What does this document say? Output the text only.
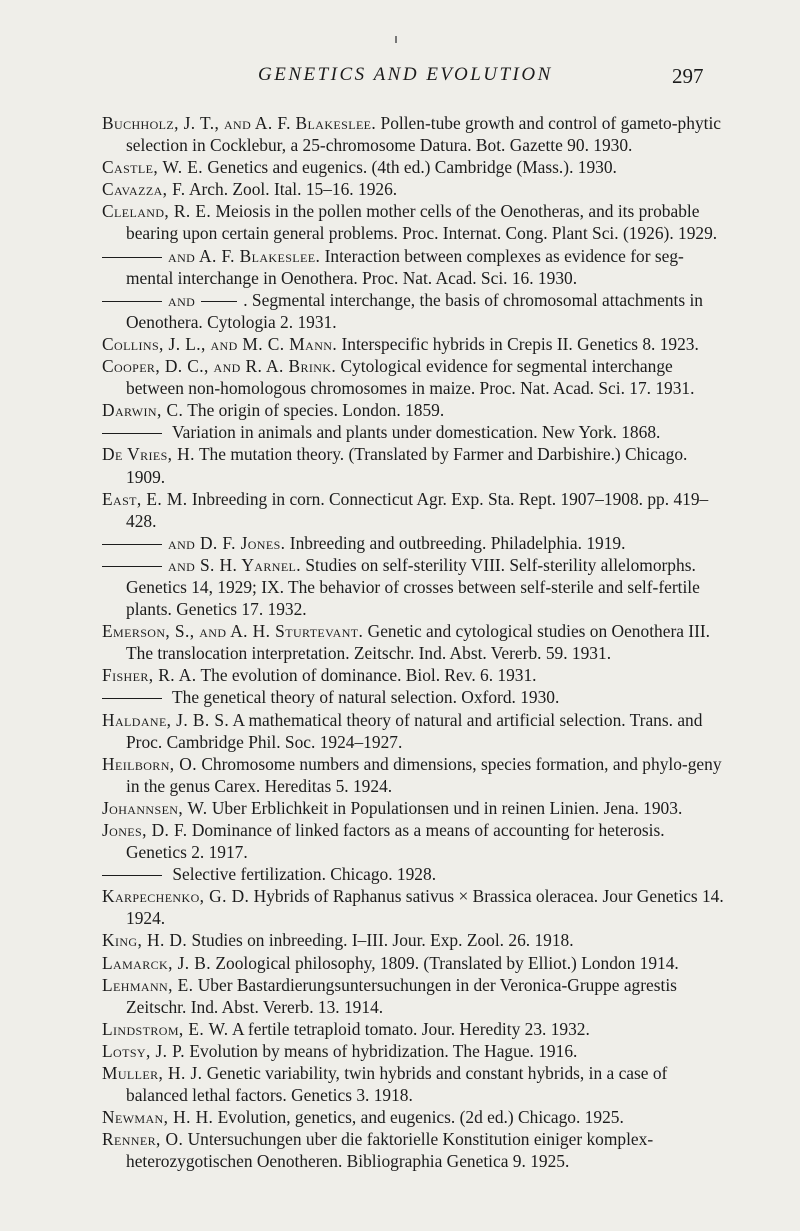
GENETICS AND EVOLUTION	297

Buchholz, J. T., and A. F. Blakeslee. Pollen-tube growth and control of gameto-phytic selection in Cocklebur, a 25-chromosome Datura. Bot. Gazette 90. 1930.

Castle, W. E. Genetics and eugenics. (4th ed.) Cambridge (Mass.). 1930.

Cavazza, F. Arch. Zool. Ital. 15–16. 1926.

Cleland, R. E. Meiosis in the pollen mother cells of the Oenotheras, and its probable bearing upon certain general problems. Proc. Internat. Cong. Plant Sci. (1926). 1929.

and A. F. Blakeslee. Interaction between complexes as evidence for seg-mental interchange in Oenothera. Proc. Nat. Acad. Sci. 16. 1930.

and	. Segmental interchange, the basis of chromosomal attachments in Oenothera. Cytologia 2. 1931.

Collins, J. L., and M. C. Mann. Interspecific hybrids in Crepis II. Genetics 8. 1923.

Cooper, D. C., and R. A. Brink. Cytological evidence for segmental interchange between non-homologous chromosomes in maize. Proc. Nat. Acad. Sci. 17. 1931.

Darwin, C. The origin of species. London. 1859.

Variation in animals and plants under domestication. New York. 1868.

De Vries, H. The mutation theory. (Translated by Farmer and Darbishire.) Chicago. 1909.

East, E. M. Inbreeding in corn. Connecticut Agr. Exp. Sta. Rept. 1907–1908. pp. 419–428.

and D. F. Jones. Inbreeding and outbreeding. Philadelphia. 1919.

and S. H. Yarnel. Studies on self-sterility VIII. Self-sterility allelomorphs. Genetics 14, 1929; IX. The behavior of crosses between self-sterile and self-fertile plants. Genetics 17. 1932.

Emerson, S., and A. H. Sturtevant. Genetic and cytological studies on Oenothera III. The translocation interpretation. Zeitschr. Ind. Abst. Vererb. 59. 1931.

Fisher, R. A. The evolution of dominance. Biol. Rev. 6. 1931.

The genetical theory of natural selection. Oxford. 1930.

Haldane, J. B. S. A mathematical theory of natural and artificial selection. Trans. and Proc. Cambridge Phil. Soc. 1924–1927.

Heilborn, O. Chromosome numbers and dimensions, species formation, and phylo-geny in the genus Carex. Hereditas 5. 1924.

Johannsen, W. Uber Erblichkeit in Populationsen und in reinen Linien. Jena. 1903.

Jones, D. F. Dominance of linked factors as a means of accounting for heterosis. Genetics 2. 1917.

Selective fertilization. Chicago. 1928.

Karpechenko, G. D. Hybrids of Raphanus sativus × Brassica oleracea. Jour Genetics 14. 1924.

King, H. D. Studies on inbreeding. I–III. Jour. Exp. Zool. 26. 1918.

Lamarck, J. B. Zoological philosophy, 1809. (Translated by Elliot.) London 1914.

Lehmann, E. Uber Bastardierungsuntersuchungen in der Veronica-Gruppe agrestis Zeitschr. Ind. Abst. Vererb. 13. 1914.

Lindstrom, E. W. A fertile tetraploid tomato. Jour. Heredity 23. 1932.

Lotsy, J. P. Evolution by means of hybridization. The Hague. 1916.

Muller, H. J. Genetic variability, twin hybrids and constant hybrids, in a case of balanced lethal factors. Genetics 3. 1918.

Newman, H. H. Evolution, genetics, and eugenics. (2d ed.) Chicago. 1925.

Renner, O. Untersuchungen uber die faktorielle Konstitution einiger komplex-heterozygotischen Oenotheren. Bibliographia Genetica 9. 1925.
